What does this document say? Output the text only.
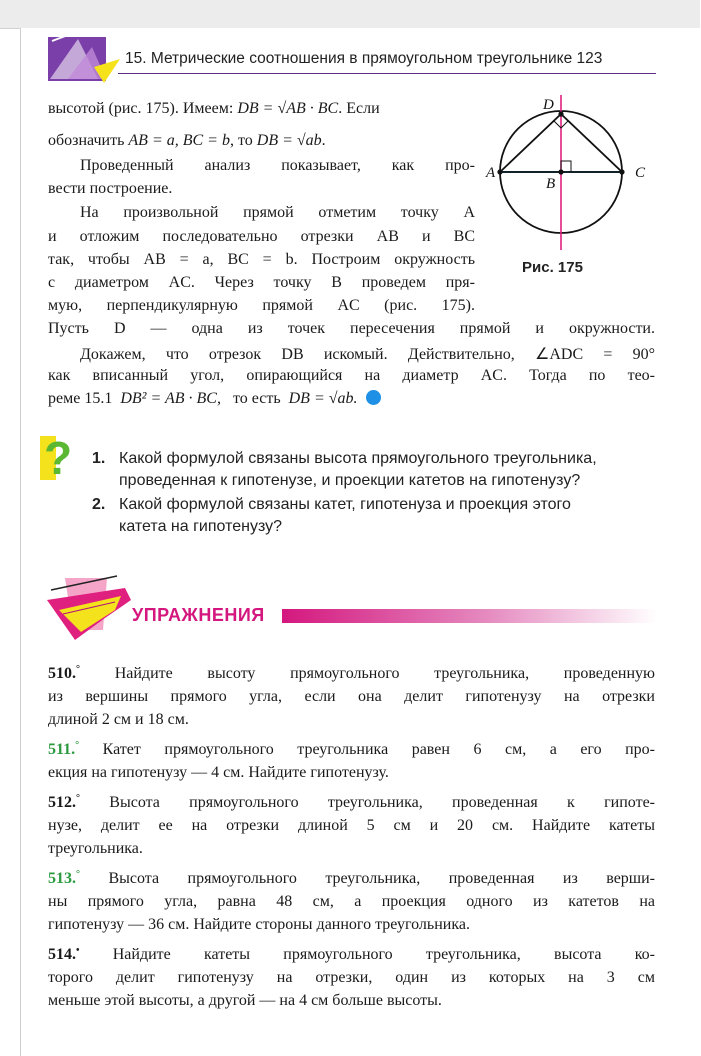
15. Метрические соотношения в прямоугольном треугольнике 123
высотой (рис. 175). Имеем: DB = √AB · BC. Если
обозначить AB = a, BC = b, то DB = √ab.
Проведенный анализ показывает, как про-
вести построение.
На произвольной прямой отметим точку A
и отложим последовательно отрезки AB и BC
так, чтобы AB = a, BC = b. Построим окружность
с диаметром AC. Через точку B проведем пря-
мую, перпендикулярную прямой AC (рис. 175).
Пусть D — одна из точек пересечения прямой и окружности.
Докажем, что отрезок DB искомый. Действительно, ∠ADC = 90°
как вписанный угол, опирающийся на диаметр AC. Тогда по тео-
реме 15.1 DB² = AB · BC, то есть DB = √ab.
D
A
B
C
Рис. 175
? 1. Какой формулой связаны высота прямоугольного треугольника,
проведенная к гипотенузе, и проекции катетов на гипотенузу?
2. Какой формулой связаны катет, гипотенуза и проекция этого
катета на гипотенузу?
УПРАЖНЕНИЯ
510.° Найдите высоту прямоугольного треугольника, проведенную
из вершины прямого угла, если она делит гипотенузу на отрезки
длиной 2 см и 18 см.
511.° Катет прямоугольного треугольника равен 6 см, а его про-
екция на гипотенузу — 4 см. Найдите гипотенузу.
512.° Высота прямоугольного треугольника, проведенная к гипоте-
нузе, делит ее на отрезки длиной 5 см и 20 см. Найдите катеты
треугольника.
513.° Высота прямоугольного треугольника, проведенная из верши-
ны прямого угла, равна 48 см, а проекция одного из катетов на
гипотенузу — 36 см. Найдите стороны данного треугольника.
514.• Найдите катеты прямоугольного треугольника, высота ко-
торого делит гипотенузу на отрезки, один из которых на 3 см
меньше этой высоты, а другой — на 4 см больше высоты.
